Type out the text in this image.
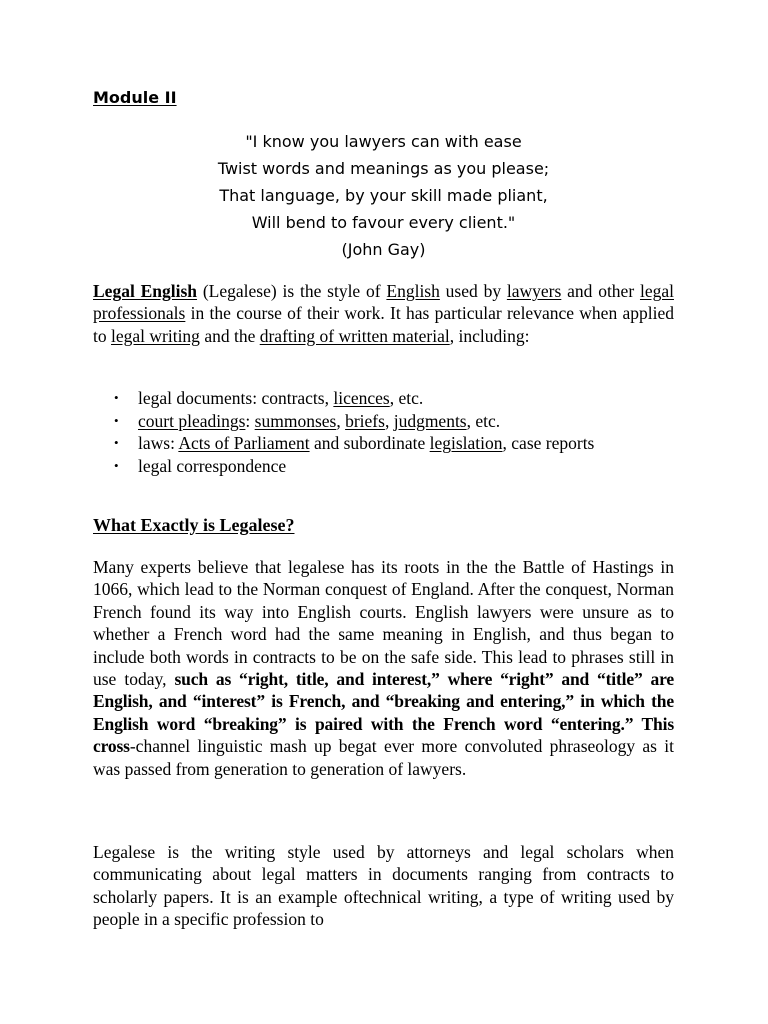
Module II
"I know you lawyers can with ease
Twist words and meanings as you please;
That language, by your skill made pliant,
Will bend to favour every client."
(John Gay)

Legal English (Legalese) is the style of English used by lawyers and other legal professionals in the course of their work. It has particular relevance when applied to legal writing and the drafting of written material, including:

• legal documents: contracts, licences, etc.
• court pleadings: summonses, briefs, judgments, etc.
• laws: Acts of Parliament and subordinate legislation, case reports
• legal correspondence
What Exactly is Legalese?

Many experts believe that legalese has its roots in the the Battle of Hastings in 1066, which lead to the Norman conquest of England. After the conquest, Norman French found its way into English courts. English lawyers were unsure as to whether a French word had the same meaning in English, and thus began to include both words in contracts to be on the safe side. This lead to phrases still in use today, such as “right, title, and interest,” where “right” and “title” are English, and “interest” is French, and “breaking and entering,” in which the English word “breaking” is paired with the French word “entering.” This cross-channel linguistic mash up begat ever more convoluted phraseology as it was passed from generation to generation of lawyers.

Legalese is the writing style used by attorneys and legal scholars when communicating about legal matters in documents ranging from contracts to scholarly papers. It is an example oftechnical writing, a type of writing used by people in a specific profession to
